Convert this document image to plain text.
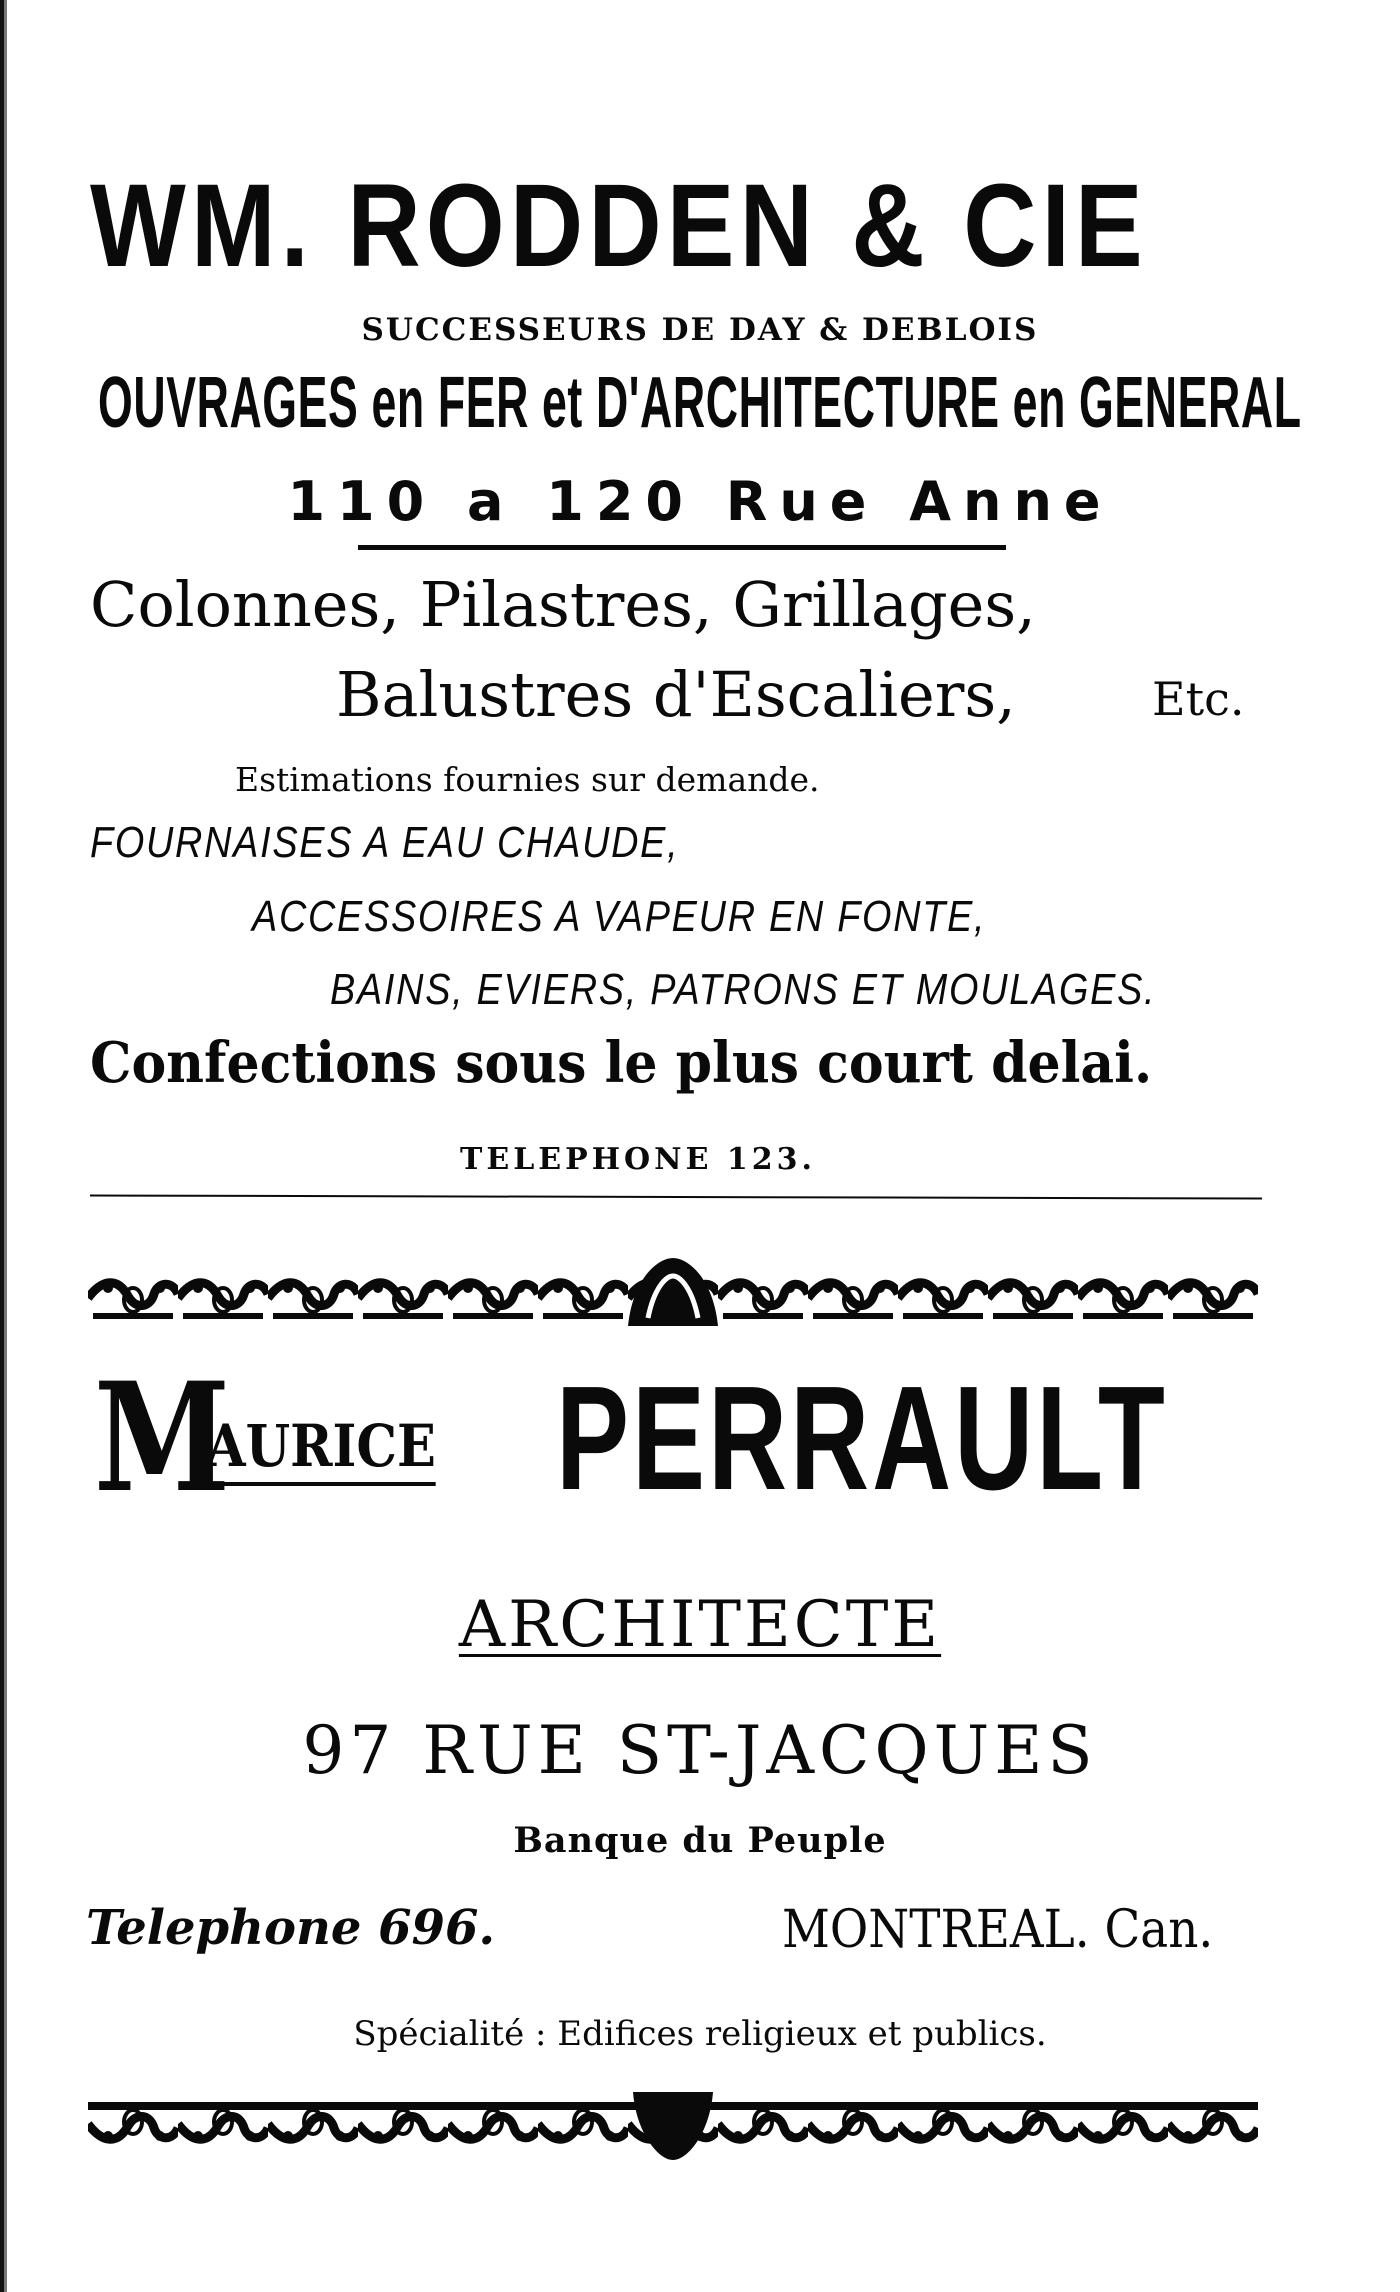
WM. RODDEN & CIE
SUCCESSEURS DE DAY & DEBLOIS
OUVRAGES en FER et D'ARCHITECTURE en GENERAL
110 a 120 Rue Anne
Colonnes, Pilastres, Grillages,
Balustres d'Escaliers,	Etc.
Estimations fournies sur demande.
FOURNAISES A EAU CHAUDE,
ACCESSOIRES A VAPEUR EN FONTE,
BAINS, EVIERS, PATRONS ET MOULAGES.
Confections sous le plus court delai.
TELEPHONE 123.
M
AURICE PERRAULT
ARCHITECTE
97 RUE ST-JACQUES
Banque du Peuple
Telephone 696.	MONTREAL. Can.
Spécialité : Edifices religieux et publics.
